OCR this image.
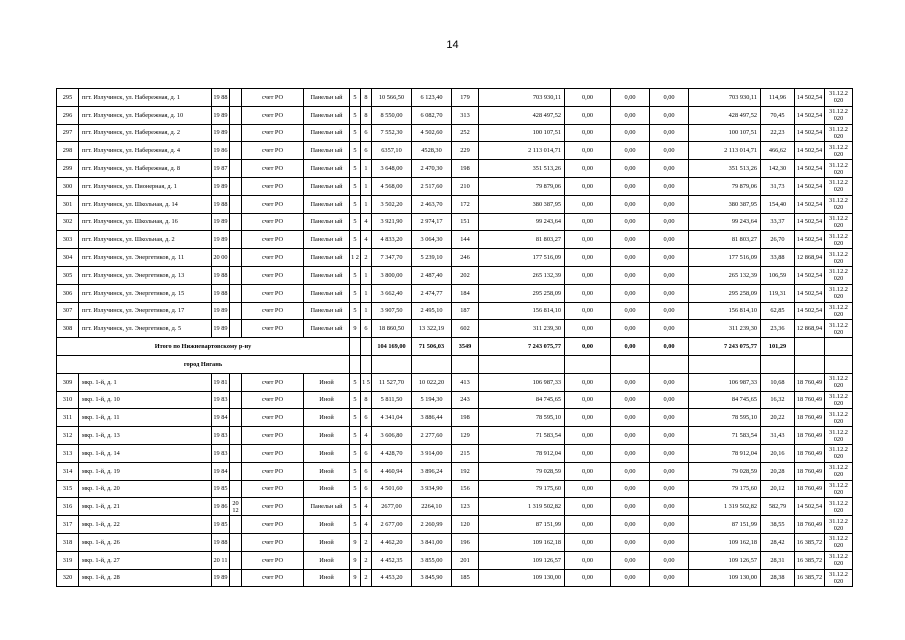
14
295	пгт. Излучинск, ул. Набережная, д. 1	19 88		счет РО	Панельн ый	5	8	10 566,50	6 123,40	179	703 930,11	0,00	0,00	0,00	703 930,11	114,96	14 502,54	31.12.2 020
296	пгт. Излучинск, ул. Набережная, д. 10	19 89		счет РО	Панельн ый	5	8	8 550,00	6 082,70	313	428 497,52	0,00	0,00	0,00	428 497,52	70,45	14 502,54	31.12.2 020
297	пгт. Излучинск, ул. Набережная, д. 2	19 89		счет РО	Панельн ый	5	6	7 552,30	4 502,60	252	100 107,51	0,00	0,00	0,00	100 107,51	22,23	14 502,54	31.12.2 020
298	пгт. Излучинск, ул. Набережная, д. 4	19 86		счет РО	Панельн ый	5	6	6357,10	4528,30	229	2 113 014,71	0,00	0,00	0,00	2 113 014,71	466,62	14 502,54	31.12.2 020
299	пгт. Излучинск, ул. Набережная, д. 8	19 87		счет РО	Панельн ый	5	1	3 648,00	2 470,30	198	351 513,26	0,00	0,00	0,00	351 513,26	142,30	14 502,54	31.12.2 020
300	пгт. Излучинск, ул. Пионерная, д. 1	19 89		счет РО	Панельн ый	5	1	4 568,00	2 517,60	210	79 879,06	0,00	0,00	0,00	79 879,06	31,73	14 502,54	31.12.2 020
301	пгт. Излучинск, ул. Школьная, д. 14	19 88		счет РО	Панельн ый	5	1	3 502,20	2 463,70	172	380 387,95	0,00	0,00	0,00	380 387,95	154,40	14 502,54	31.12.2 020
302	пгт. Излучинск, ул. Школьная, д. 16	19 89		счет РО	Панельн ый	5	4	3 921,90	2 974,17	151	99 243,64	0,00	0,00	0,00	99 243,64	33,37	14 502,54	31.12.2 020
303	пгт. Излучинск, ул. Школьная, д. 2	19 89		счет РО	Панельн ый	5	4	4 833,20	3 064,30	144	81 803,27	0,00	0,00	0,00	81 803,27	26,70	14 502,54	31.12.2 020
304	пгт. Излучинск, ул. Энергетиков, д. 11	20 00		счет РО	Панельн ый	1 2	2	7 347,70	5 239,10	246	177 516,09	0,00	0,00	0,00	177 516,09	33,88	12 868,94	31.12.2 020
305	пгт. Излучинск, ул. Энергетиков, д. 13	19 88		счет РО	Панельн ый	5	1	3 800,00	2 487,40	202	265 132,39	0,00	0,00	0,00	265 132,39	106,59	14 502,54	31.12.2 020
306	пгт. Излучинск, ул. Энергетиков, д. 15	19 88		счет РО	Панельн ый	5	1	3 662,40	2 474,77	184	295 258,09	0,00	0,00	0,00	295 258,09	119,31	14 502,54	31.12.2 020
307	пгт. Излучинск, ул. Энергетиков, д. 17	19 89		счет РО	Панельн ый	5	1	3 907,50	2 495,10	187	156 814,10	0,00	0,00	0,00	156 814,10	62,85	14 502,54	31.12.2 020
308	пгт. Излучинск, ул. Энергетиков, д. 5	19 89		счет РО	Панельн ый	9	6	18 860,50	13 322,19	602	311 239,30	0,00	0,00	0,00	311 239,30	23,36	12 868,94	31.12.2 020
Итого по Нижневартовскому р-ну								104 169,00	71 506,03	3549	7 243 075,77	0,00	0,00	0,00	7 243 075,77	101,29		
город Нягань																		
309	мкр. 1-й, д. 1	19 81		счет РО	Иной	5	1 5	11 527,70	10 022,20	413	106 987,33	0,00	0,00	0,00	106 987,33	10,68	18 760,49	31.12.2 020
310	мкр. 1-й, д. 10	19 83		счет РО	Иной	5	8	5 811,50	5 194,30	243	84 745,65	0,00	0,00	0,00	84 745,65	16,32	18 760,49	31.12.2 020
311	мкр. 1-й, д. 11	19 84		счет РО	Иной	5	6	4 341,04	3 886,44	198	78 595,10	0,00	0,00	0,00	78 595,10	20,22	18 760,49	31.12.2 020
312	мкр. 1-й, д. 13	19 83		счет РО	Иной	5	4	3 606,80	2 277,60	129	71 583,54	0,00	0,00	0,00	71 583,54	31,43	18 760,49	31.12.2 020
313	мкр. 1-й, д. 14	19 83		счет РО	Иной	5	6	4 428,70	3 914,00	215	78 912,04	0,00	0,00	0,00	78 912,04	20,16	18 760,49	31.12.2 020
314	мкр. 1-й, д. 19	19 84		счет РО	Иной	5	6	4 460,94	3 896,24	192	79 028,59	0,00	0,00	0,00	79 028,59	20,28	18 760,49	31.12.2 020
315	мкр. 1-й, д. 20	19 85		счет РО	Иной	5	6	4 501,60	3 934,90	156	79 175,60	0,00	0,00	0,00	79 175,60	20,12	18 760,49	31.12.2 020
316	мкр. 1-й, д. 21	19 86	20 12	счет РО	Панельн ый	5	4	2677,00	2264,10	123	1 319 502,82	0,00	0,00	0,00	1 319 502,82	582,79	14 502,54	31.12.2 020
317	мкр. 1-й, д. 22	19 85		счет РО	Иной	5	4	2 677,00	2 260,99	120	87 151,99	0,00	0,00	0,00	87 151,99	38,55	18 760,49	31.12.2 020
318	мкр. 1-й, д. 26	19 88		счет РО	Иной	9	2	4 462,20	3 841,00	196	109 162,18	0,00	0,00	0,00	109 162,18	28,42	16 385,72	31.12.2 020
319	мкр. 1-й, д. 27	20 11		счет РО	Иной	9	2	4 452,35	3 855,00	201	109 126,57	0,00	0,00	0,00	109 126,57	28,31	16 385,72	31.12.2 020
320	мкр. 1-й, д. 28	19 89		счет РО	Иной	9	2	4 453,20	3 845,90	185	109 130,00	0,00	0,00	0,00	109 130,00	28,38	16 385,72	31.12.2 020
